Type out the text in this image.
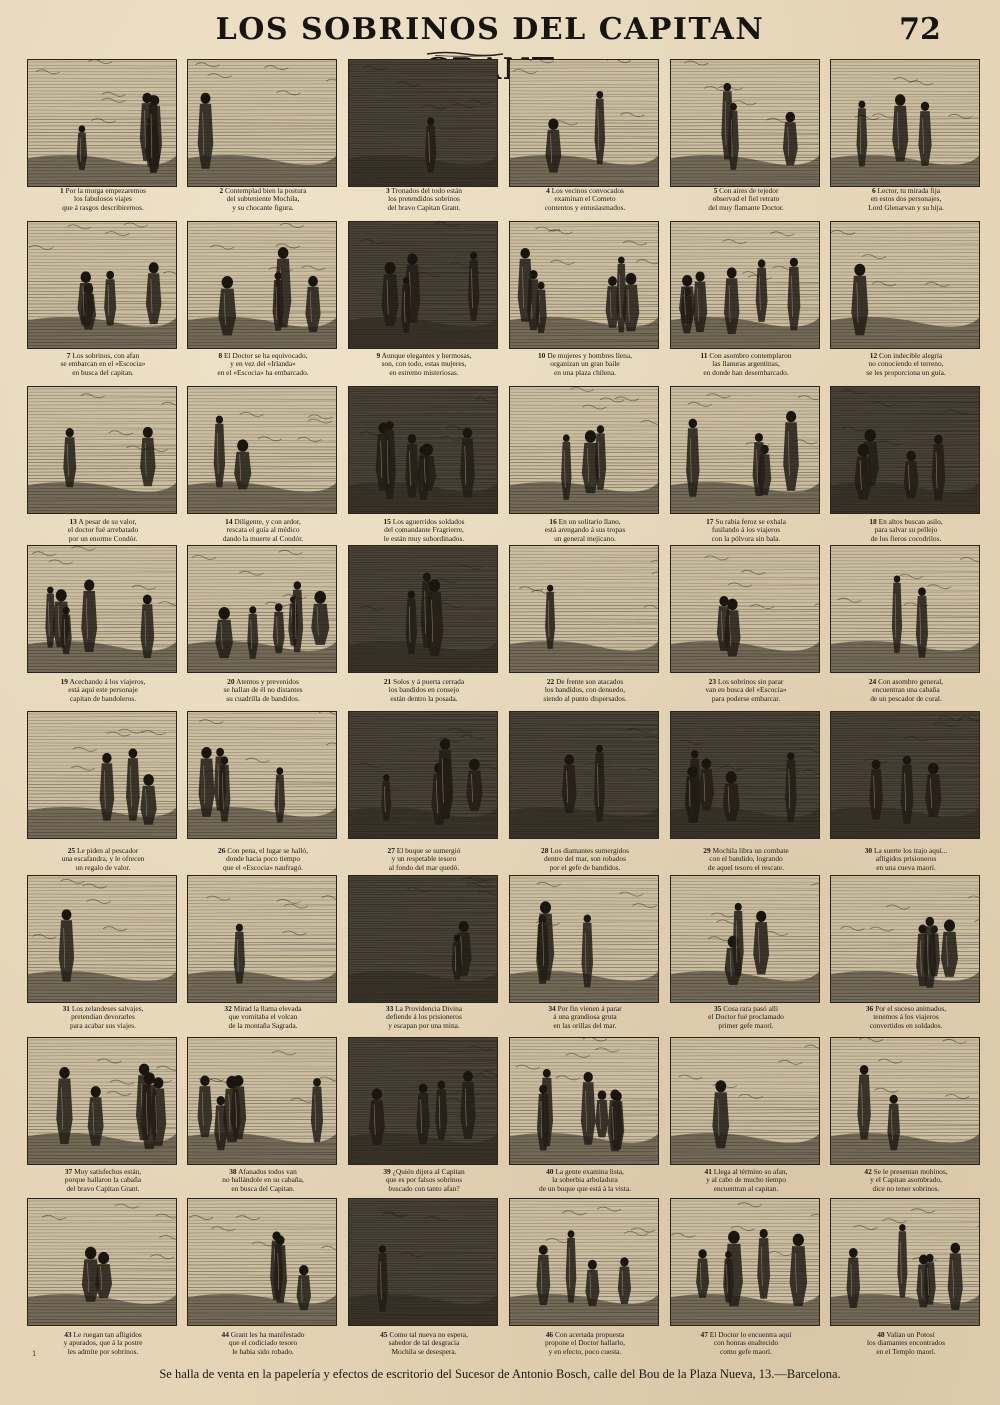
LOS SOBRINOS DEL CAPITAN	72
1 Por la murga empezaremos
los fabulosos viajes
que á rasgos describiremos.
2 Contemplad bien la postura
del subteniente Mochila,
y su chocante figura.
3 Tronados del todo están
los pretendidos sobrinos
del bravo Capitan Grant.
4 Los vecinos convocados
examinan el Cometo
contentos y entusiasmados.
5 Con aires de tejedor
observad el fiel retrato
del muy flamante Doctor.
6 Lector, tu mirada fija
en estos dos personajes,
Lord Glenarvan y su hija.
7 Los sobrinos, con afan
se embarcan en el «Escocia»
en busca del capitan.
8 El Doctor se ha equivocado,
y en vez del «Irlanda»
en el «Escocia» ha embarcado.
9 Aunque elegantes y hermosas,
son, con todo, estas mujeres,
en estremo misteriosas.
10 De mujeres y hombres llena,
organizan un gran baile
en una plaza chilena.
11 Con asombro contemplaron
las llanuras argentinas,
en donde han desembarcado.
12 Con indecible alegría
no conociendo el terreno,
se les proporciona un guía.
13 A pesar de su valor,
el doctor fué arrebatado
por un enorme Condór.
14 Diligente, y con ardor,
rescata el guía al médico
dando la muerte al Condór.
15 Los aguerridos soldados
del comandante Fragrierre,
le están muy subordinados.
16 En un solitario llano,
está arengando á sus tropas
un general mejicano.
17 Su rabia feroz se exhala
fusilando á los viajeros
con la pólvora sin bala.
18 En altos buscan asilo,
para salvar su pellejo
de los fieros cocodrilos.
19 Acechando á los viajeros,
está aquí este personaje
capitan de bandoleros.
20 Atentos y prevenidos
se hallan de él no distantes
su cuadrilla de bandidos.
21 Solos y á puerta cerrada
los bandidos en consejo
están dentro la posada.
22 De frente son atacados
los bandidos, con denuedo,
siendo al punto dispersados.
23 Los sobrinos sin parar
van en busca del «Escocia»
para poderse embarcar.
24 Con asombro general,
encuentran una cabaña
de un pescador de coral.
25 Le piden al pescador
una escafandra, y le ofrecen
un regalo de valor.
26 Con pena, el lugar se halló,
donde hacia poco tiempo
que el «Escocia» naufragó.
27 El buque se sumergió
y un respetable tesoro
al fondo del mar quedó.
28 Los diamantes sumergidos
dentro del mar, son robados
por el gefe de bandidos.
29 Mochila libra un combate
con el bandido, logrando
de aquel tesoro el rescate.
30 La suerte los trajo aquí...
afligidos prisioneros
en una cueva maorí.
31 Los zelandeses salvajes,
pretendian devorarles
para acabar sus viajes.
32 Mirad la llama elevada
que vomitaba el volcan
de la montaña Sagrada.
33 La Providencia Divina
defiende á los prisioneros
y escapan por una mina.
34 Por fin vienen á parar
á una grandiosa gruta
en las orillas del mar.
35 Cosa rara pasó allí
el Doctor fué proclamado
primer gefe maorí.
36 Por el suceso animados,
tenemos á los viajeros
convertidos en soldados.
37 Muy satisfechos están,
porque hallaron la cabaña
del bravo Capitan Grant.
38 Afanados todos van
no hallándole en su cabaña,
en busca del Capitan.
39 ¿Quién dijera al Capitan
que es por falsos sobrinos
buscado con tanto afan?
40 La gente examina lista,
la soberbia arboladura
de un buque que está á la vista.
41 Llega al término su afan,
y al cabo de mucho tiempo
encuentran al capitan.
42 Se le presentan mohinos,
y el Capitan asombrado,
dice no tener sobrinos.
43 Le ruegan tan afligidos
y apurados, que á la postre
les admite por sobrinos.
44 Grant les ha manifestado
que el codiciado tesoro
le habia sido robado.
45 Como tal nueva no espera,
sabedor de tal desgracia
Mochila se desespera.
46 Con acertada propuesta
propone el Doctor hallarlo,
y en efecto, poco cuesta.
47 El Doctor lo encuentra aquí
con honras enaltecido
como gefe maorí.
48 Valían un Potosí
los diamantes encontrados
en el Templo maorí.
Se halla de venta en la papelería y efectos de escritorio del Sucesor de Antonio Bosch, calle del Bou de la Plaza Nueva, 13.—Barcelona.
1
